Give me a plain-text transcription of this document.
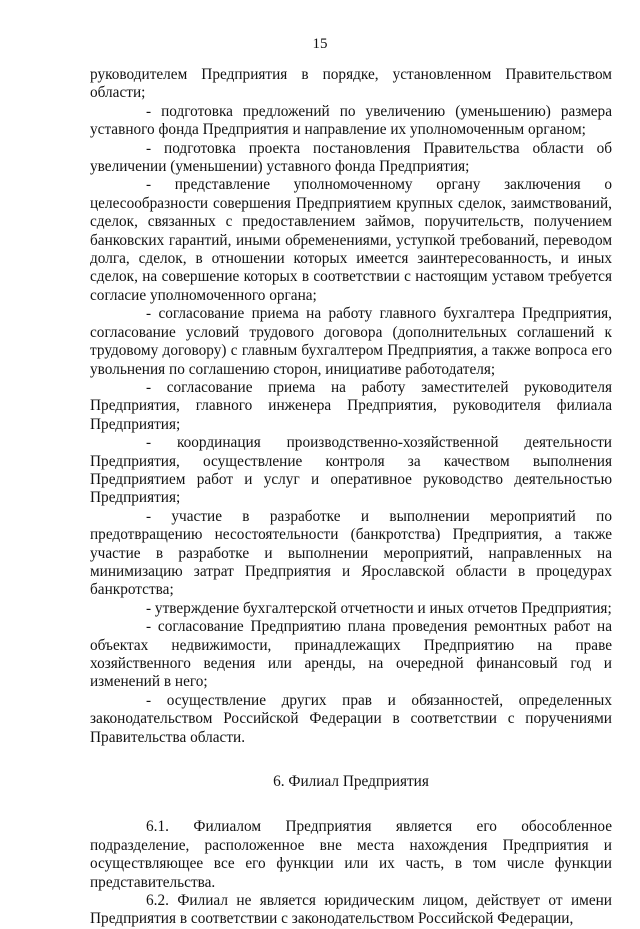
15

руководителем Предприятия в порядке, установленном Правительством области;

- подготовка предложений по увеличению (уменьшению) размера уставного фонда Предприятия и направление их уполномоченным органом;

- подготовка проекта постановления Правительства области об увеличении (уменьшении) уставного фонда Предприятия;

- представление уполномоченному органу заключения о целесообразности совершения Предприятием крупных сделок, заимствований, сделок, связанных с предоставлением займов, поручительств, получением банковских гарантий, иными обременениями, уступкой требований, переводом долга, сделок, в отношении которых имеется заинтересованность, и иных сделок, на совершение которых в соответствии с настоящим уставом требуется согласие уполномоченного органа;

- согласование приема на работу главного бухгалтера Предприятия, согласование условий трудового договора (дополнительных соглашений к трудовому договору) с главным бухгалтером Предприятия, а также вопроса его увольнения по соглашению сторон, инициативе работодателя;

- согласование приема на работу заместителей руководителя Предприятия, главного инженера Предприятия, руководителя филиала Предприятия;

- координация производственно-хозяйственной деятельности Предприятия, осуществление контроля за качеством выполнения Предприятием работ и услуг и оперативное руководство деятельностью Предприятия;

- участие в разработке и выполнении мероприятий по предотвращению несостоятельности (банкротства) Предприятия, а также участие в разработке и выполнении мероприятий, направленных на минимизацию затрат Предприятия и Ярославской области в процедурах банкротства;

- утверждение бухгалтерской отчетности и иных отчетов Предприятия;

- согласование Предприятию плана проведения ремонтных работ на объектах недвижимости, принадлежащих Предприятию на праве хозяйственного ведения или аренды, на очередной финансовый год и изменений в него;

- осуществление других прав и обязанностей, определенных законодательством Российской Федерации в соответствии с поручениями Правительства области.

6. Филиал Предприятия

6.1. Филиалом Предприятия является его обособленное подразделение, расположенное вне места нахождения Предприятия и осуществляющее все его функции или их часть, в том числе функции представительства.

6.2. Филиал не является юридическим лицом, действует от имени Предприятия в соответствии с законодательством Российской Федерации,
